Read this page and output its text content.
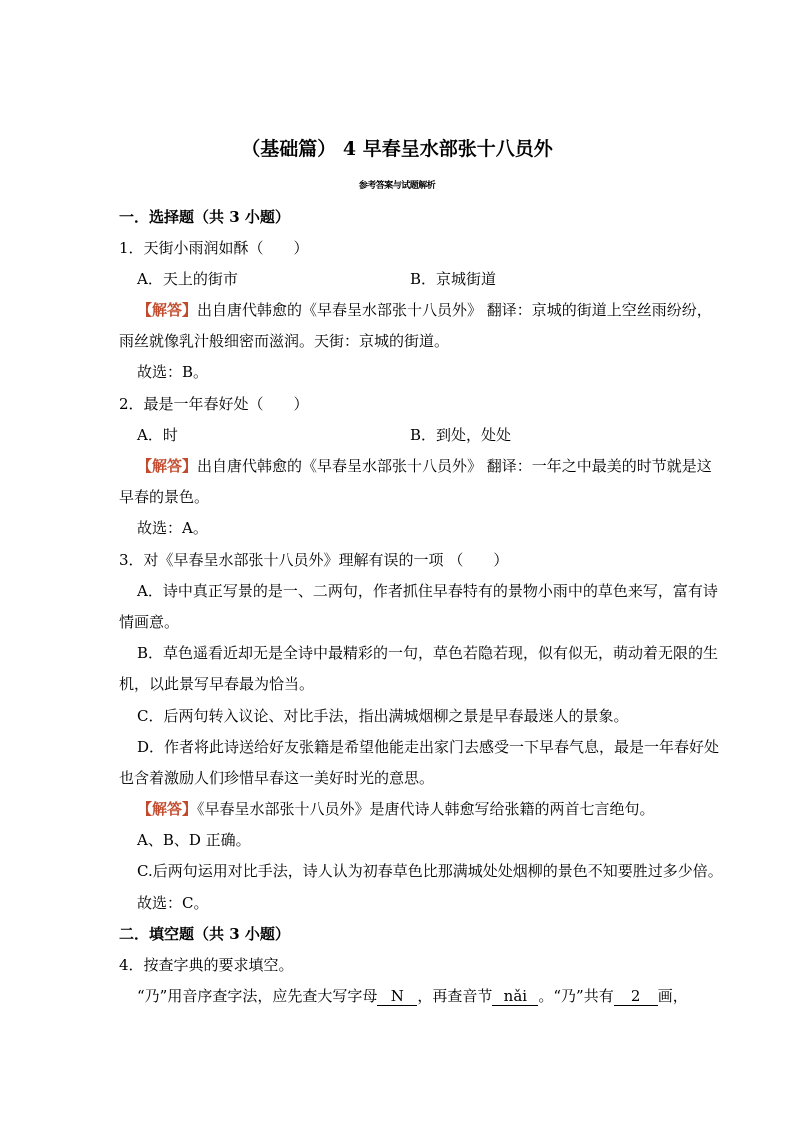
（基础篇） 4 早春呈水部张十八员外
参考答案与试题解析
一．选择题（共 3 小题）
1．天街小雨润如酥（　　）
A．天上的街市	B．京城街道
【解答】出自唐代韩愈的《早春呈水部张十八员外》 翻译：京城的街道上空丝雨纷纷，
雨丝就像乳汁般细密而滋润。天街：京城的街道。
故选：B。
2．最是一年春好处（　　）
A．时	B．到处，处处
【解答】出自唐代韩愈的《早春呈水部张十八员外》 翻译：一年之中最美的时节就是这
早春的景色。
故选：A。
3．对《早春呈水部张十八员外》理解有误的一项 （　　）
A．诗中真正写景的是一、二两句，作者抓住早春特有的景物小雨中的草色来写，富有诗
情画意。
B．草色遥看近却无是全诗中最精彩的一句，草色若隐若现，似有似无，萌动着无限的生
机，以此景写早春最为恰当。
C．后两句转入议论、对比手法，指出满城烟柳之景是早春最迷人的景象。
D．作者将此诗送给好友张籍是希望他能走出家门去感受一下早春气息，最是一年春好处
也含着激励人们珍惜早春这一美好时光的意思。
【解答】《早春呈水部张十八员外》是唐代诗人韩愈写给张籍的两首七言绝句。
A、B、D 正确。
C.后两句运用对比手法，诗人认为初春草色比那满城处处烟柳的景色不知要胜过多少倍。
故选：C。
二．填空题（共 3 小题）
4．按查字典的要求填空。
“乃”用音序查字法，应先查大写字母 N ，再查音节 nǎi 。“乃”共有 2 画，
